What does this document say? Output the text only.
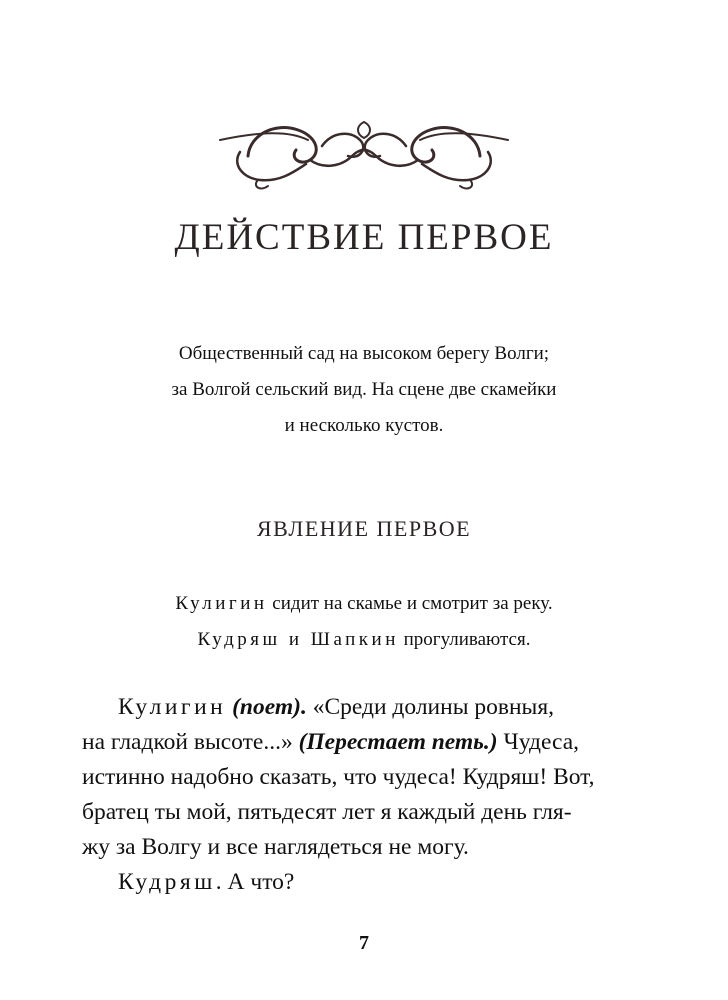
ДЕЙСТВИЕ ПЕРВОЕ
Общественный сад на высоком берегу Волги;
за Волгой сельский вид. На сцене две скамейки
и несколько кустов.
ЯВЛЕНИЕ ПЕРВОЕ
Кулигин сидит на скамье и смотрит за реку.
Кудряш и Шапкин прогуливаются.
Кулигин (поет). «Среди долины ровныя,
на гладкой высоте...» (Перестает петь.) Чудеса,
истинно надобно сказать, что чудеса! Кудряш! Вот,
братец ты мой, пятьдесят лет я каждый день гля-
жу за Волгу и все наглядеться не могу.
Кудряш. А что?
7
